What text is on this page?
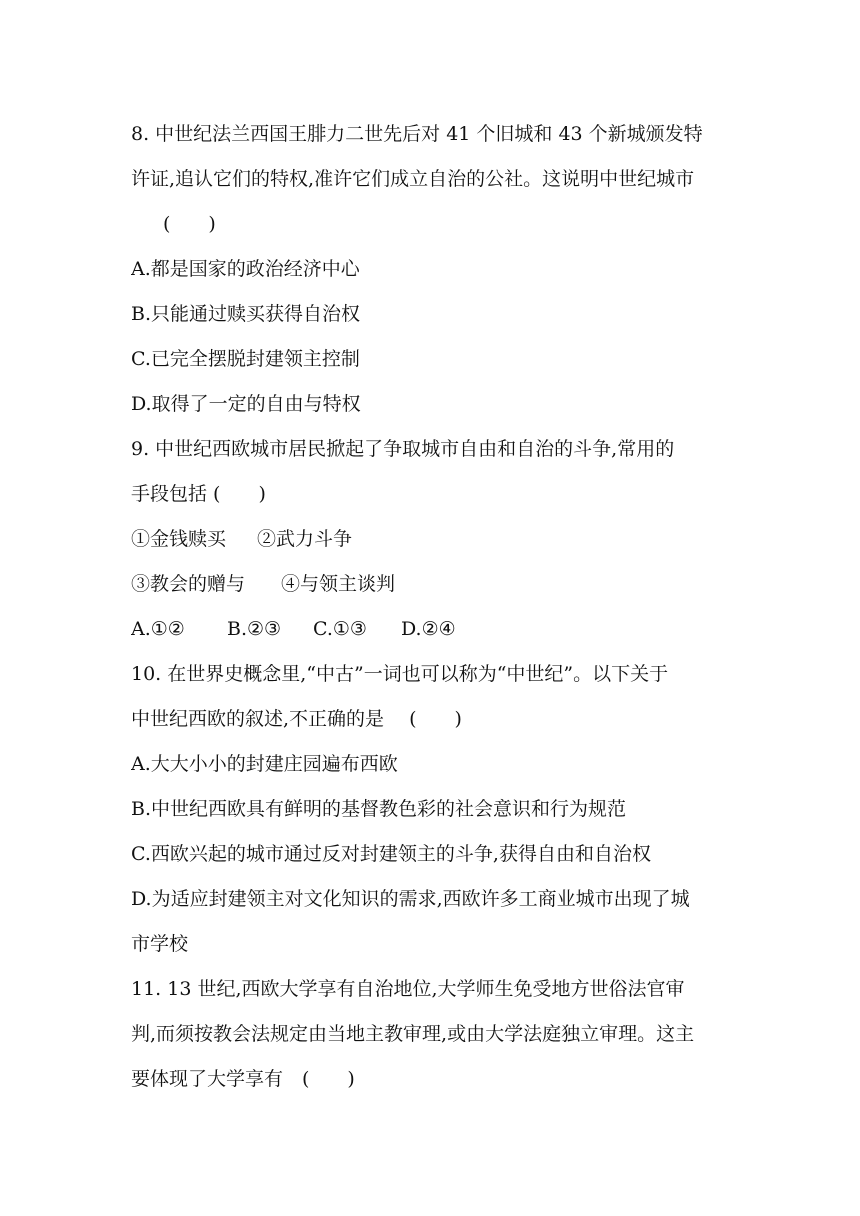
8. 中世纪法兰西国王腓力二世先后对 41 个旧城和 43 个新城颁发特
许证,追认它们的特权,准许它们成立自治的公社。这说明中世纪城市
(　　)
A.都是国家的政治经济中心
B.只能通过赎买获得自治权
C.已完全摆脱封建领主控制
D.取得了一定的自由与特权
9. 中世纪西欧城市居民掀起了争取城市自由和自治的斗争,常用的
手段包括 (　　)
①金钱赎买 ②武力斗争
③教会的赠与 ④与领主谈判
A.①② B.②③ C.①③ D.②④
10. 在世界史概念里,“中古”一词也可以称为“中世纪”。以下关于
中世纪西欧的叙述,不正确的是　 (　　)
A.大大小小的封建庄园遍布西欧
B.中世纪西欧具有鲜明的基督教色彩的社会意识和行为规范
C.西欧兴起的城市通过反对封建领主的斗争,获得自由和自治权
D.为适应封建领主对文化知识的需求,西欧许多工商业城市出现了城
市学校
11. 13 世纪,西欧大学享有自治地位,大学师生免受地方世俗法官审
判,而须按教会法规定由当地主教审理,或由大学法庭独立审理。这主
要体现了大学享有　(　　)
